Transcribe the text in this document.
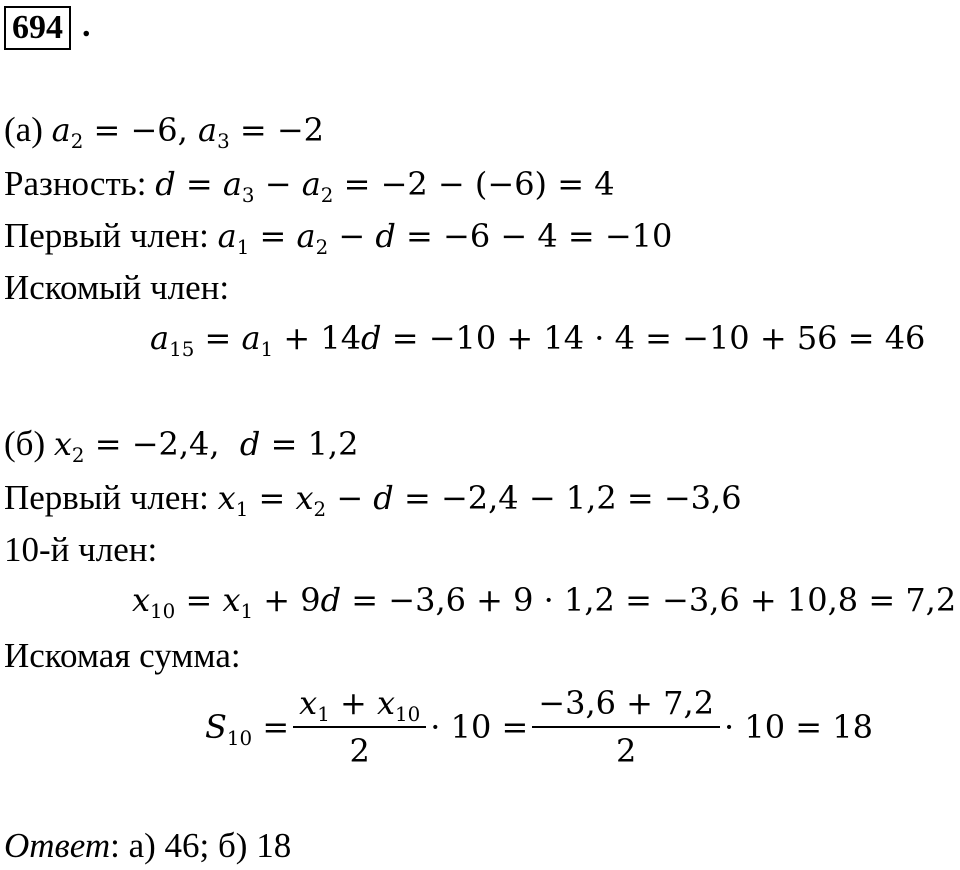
694 .
(а) $a_2 = -6$, $a_3 = -2$
Разность: $d = a_3 - a_2 = -2 - (-6) = 4$
Первый член: $a_1 = a_2 - d = -6 - 4 = -10$
Искомый член:
$a_{15} = a_1 + 14d = -10 + 14 \cdot 4 = -10 + 56 = 46$
(б) $x_2 = -2,4$,  d = 1,2
Первый член: $x_1 = x_2 - d = -2,4 - 1,2 = -3,6$
10-й член:
$x_{10} = x_1 + 9d = -3,6 + 9 \cdot 1,2 = -3,6 + 10,8 = 7,2$
Искомая сумма:
$S_{10} = \frac{x_1 + x_{10}}{2} \cdot 10 = \frac{-3,6 + 7,2}{2} \cdot 10 = 18$
Ответ: а) 46; б) 18
